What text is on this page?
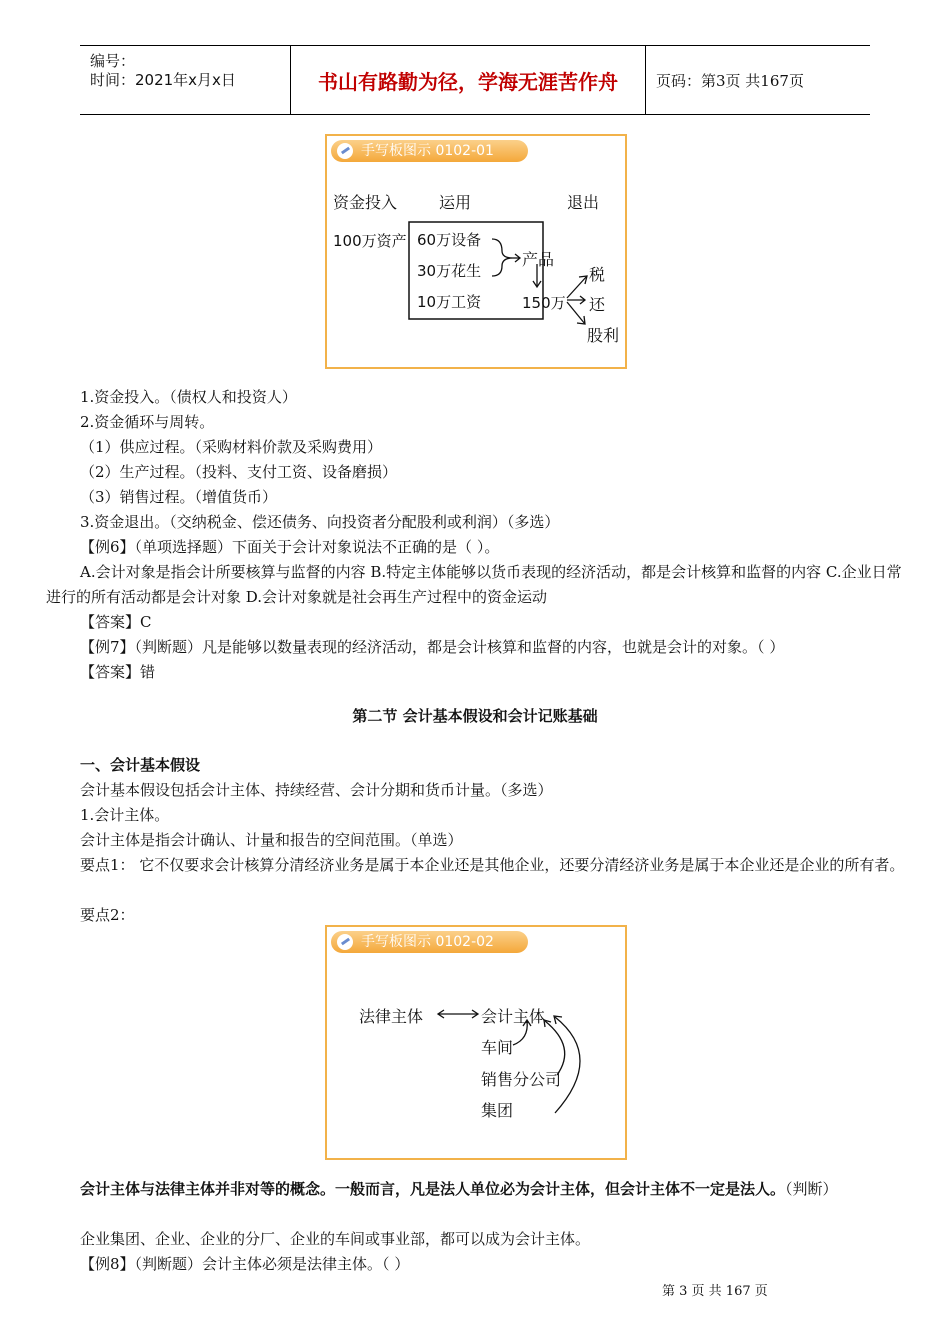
编号：
时间：2021年x月x日	书山有路勤为径，学海无涯苦作舟	页码：第3页 共167页
手写板图示 0102-01
资金投入	运用	退出
100万资产 60万设备
30万花生
10万工资
产品
150万
税
还
股利
1.资金投入。（债权人和投资人）
2.资金循环与周转。
（1）供应过程。（采购材料价款及采购费用）
（2）生产过程。（投料、支付工资、设备磨损）
（3）销售过程。（增值货币）
3.资金退出。（交纳税金、偿还债务、向投资者分配股利或利润）（多选）
【例6】（单项选择题）下面关于会计对象说法不正确的是（ ）。
A.会计对象是指会计所要核算与监督的内容 B.特定主体能够以货币表现的经济活动，都是会计核算和监督的内容 C.企业日常进行的所有活动都是会计对象 D.会计对象就是社会再生产过程中的资金运动
【答案】C
【例7】（判断题）凡是能够以数量表现的经济活动，都是会计核算和监督的内容，也就是会计的对象。（ ）
【答案】错
第二节 会计基本假设和会计记账基础
一、会计基本假设
会计基本假设包括会计主体、持续经营、会计分期和货币计量。（多选）
1.会计主体。
会计主体是指会计确认、计量和报告的空间范围。（单选）
要点1： 它不仅要求会计核算分清经济业务是属于本企业还是其他企业，还要分清经济业务是属于本企业还是企业的所有者。
要点2：
手写板图示 0102-02
法律主体	会计主体
车间
销售分公司
集团
会计主体与法律主体并非对等的概念。一般而言，凡是法人单位必为会计主体，但会计主体不一定是法人。（判断）
企业集团、企业、企业的分厂、企业的车间或事业部，都可以成为会计主体。
【例8】（判断题）会计主体必须是法律主体。（ ）
第 3 页 共 167 页
